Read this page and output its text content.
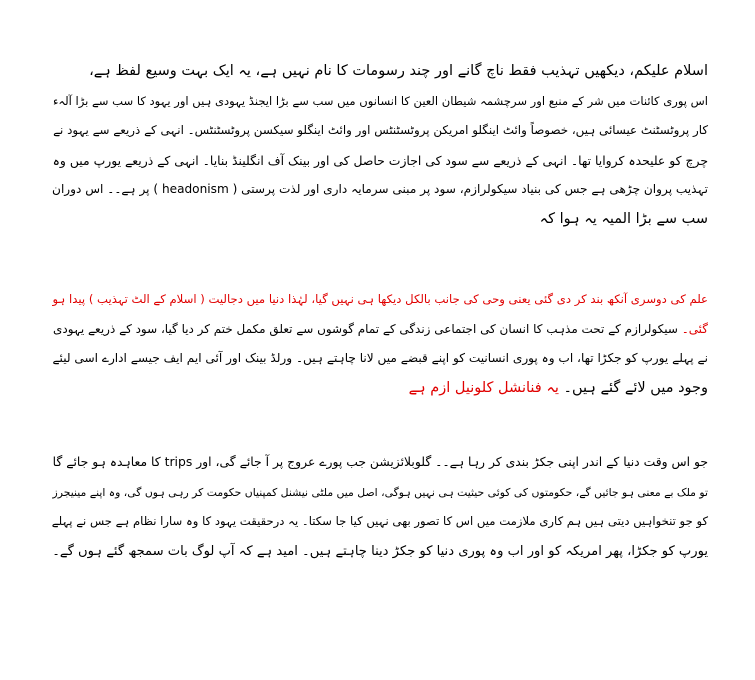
اسلام علیکم، دیکھیں تہذیب فقط ناچ گانے اور چند رسومات کا نام نہیں ہے، یہ ایک بہت وسیع لفظ ہے،
اس پوری کائنات میں شر کے منبع اور سرچشمہ شیطان العین کا انسانوں میں سب سے بڑا ایجنڈ یہودی ہیں اور یہود کا سب سے بڑا آلہء
کار پروٹسٹنٹ عیسائی ہیں، خصوصاً وائٹ اینگلو امریکن پروٹسٹنٹس اور وائٹ اینگلو سیکسن پروٹسٹنٹس۔ انہی کے ذریعے سے یہود نے
چرچ کو علیحدہ کروایا تھا۔ انہی کے ذریعے سے سود کی اجازت حاصل کی اور بینک آف انگلینڈ بنایا۔ انہی کے ذریعے یورپ میں وہ
تہذیب پروان چڑھی ہے جس کی بنیاد سیکولرازم، سود پر مبنی سرمایہ داری اور لذت پرستی ( headonism ) پر ہے۔۔ اس دوران
سب سے بڑا المیہ یہ ہوا کہ
علم کی دوسری آنکھ بند کر دی گئی یعنی وحی کی جانب بالکل دیکھا ہی نہیں گیا، لہٰذا دنیا میں دجالیت ( اسلام کے الٹ تہذیب ) پیدا ہو
گئی۔ سیکولرازم کے تحت مذہب کا انسان کی اجتماعی زندگی کے تمام گوشوں سے تعلق مکمل ختم کر دیا گیا، سود کے ذریعے یہودی
نے پہلے یورپ کو جکڑا تھا، اب وہ پوری انسانیت کو اپنے قبضے میں لانا چاہتے ہیں۔ ورلڈ بینک اور آئی ایم ایف جیسے ادارے اسی لیئے
وجود میں لائے گئے ہیں۔ یہ فنانشل کلونیل ازم ہے
جو اس وقت دنیا کے اندر اپنی جکڑ بندی کر رہا ہے۔۔ گلوبلائزیشن جب پورے عروج پر آ جائے گی، اور trips کا معاہدہ ہو جائے گا
تو ملک بے معنی ہو جائیں گے، حکومتوں کی کوئی حیثیت ہی نہیں ہوگی، اصل میں ملٹی نیشنل کمپنیاں حکومت کر رہی ہوں گی، وہ اپنے مینیجرز
کو جو تنخواہیں دیتی ہیں ہم کاری ملازمت میں اس کا تصور بھی نہیں کیا جا سکتا۔ یہ درحقیقت یہود کا وہ سارا نظام ہے جس نے پہلے
یورپ کو جکڑا، پھر امریکہ کو اور اب وہ پوری دنیا کو جکڑ دینا چاہتے ہیں۔ امید ہے کہ آپ لوگ بات سمجھ گئے ہوں گے۔
